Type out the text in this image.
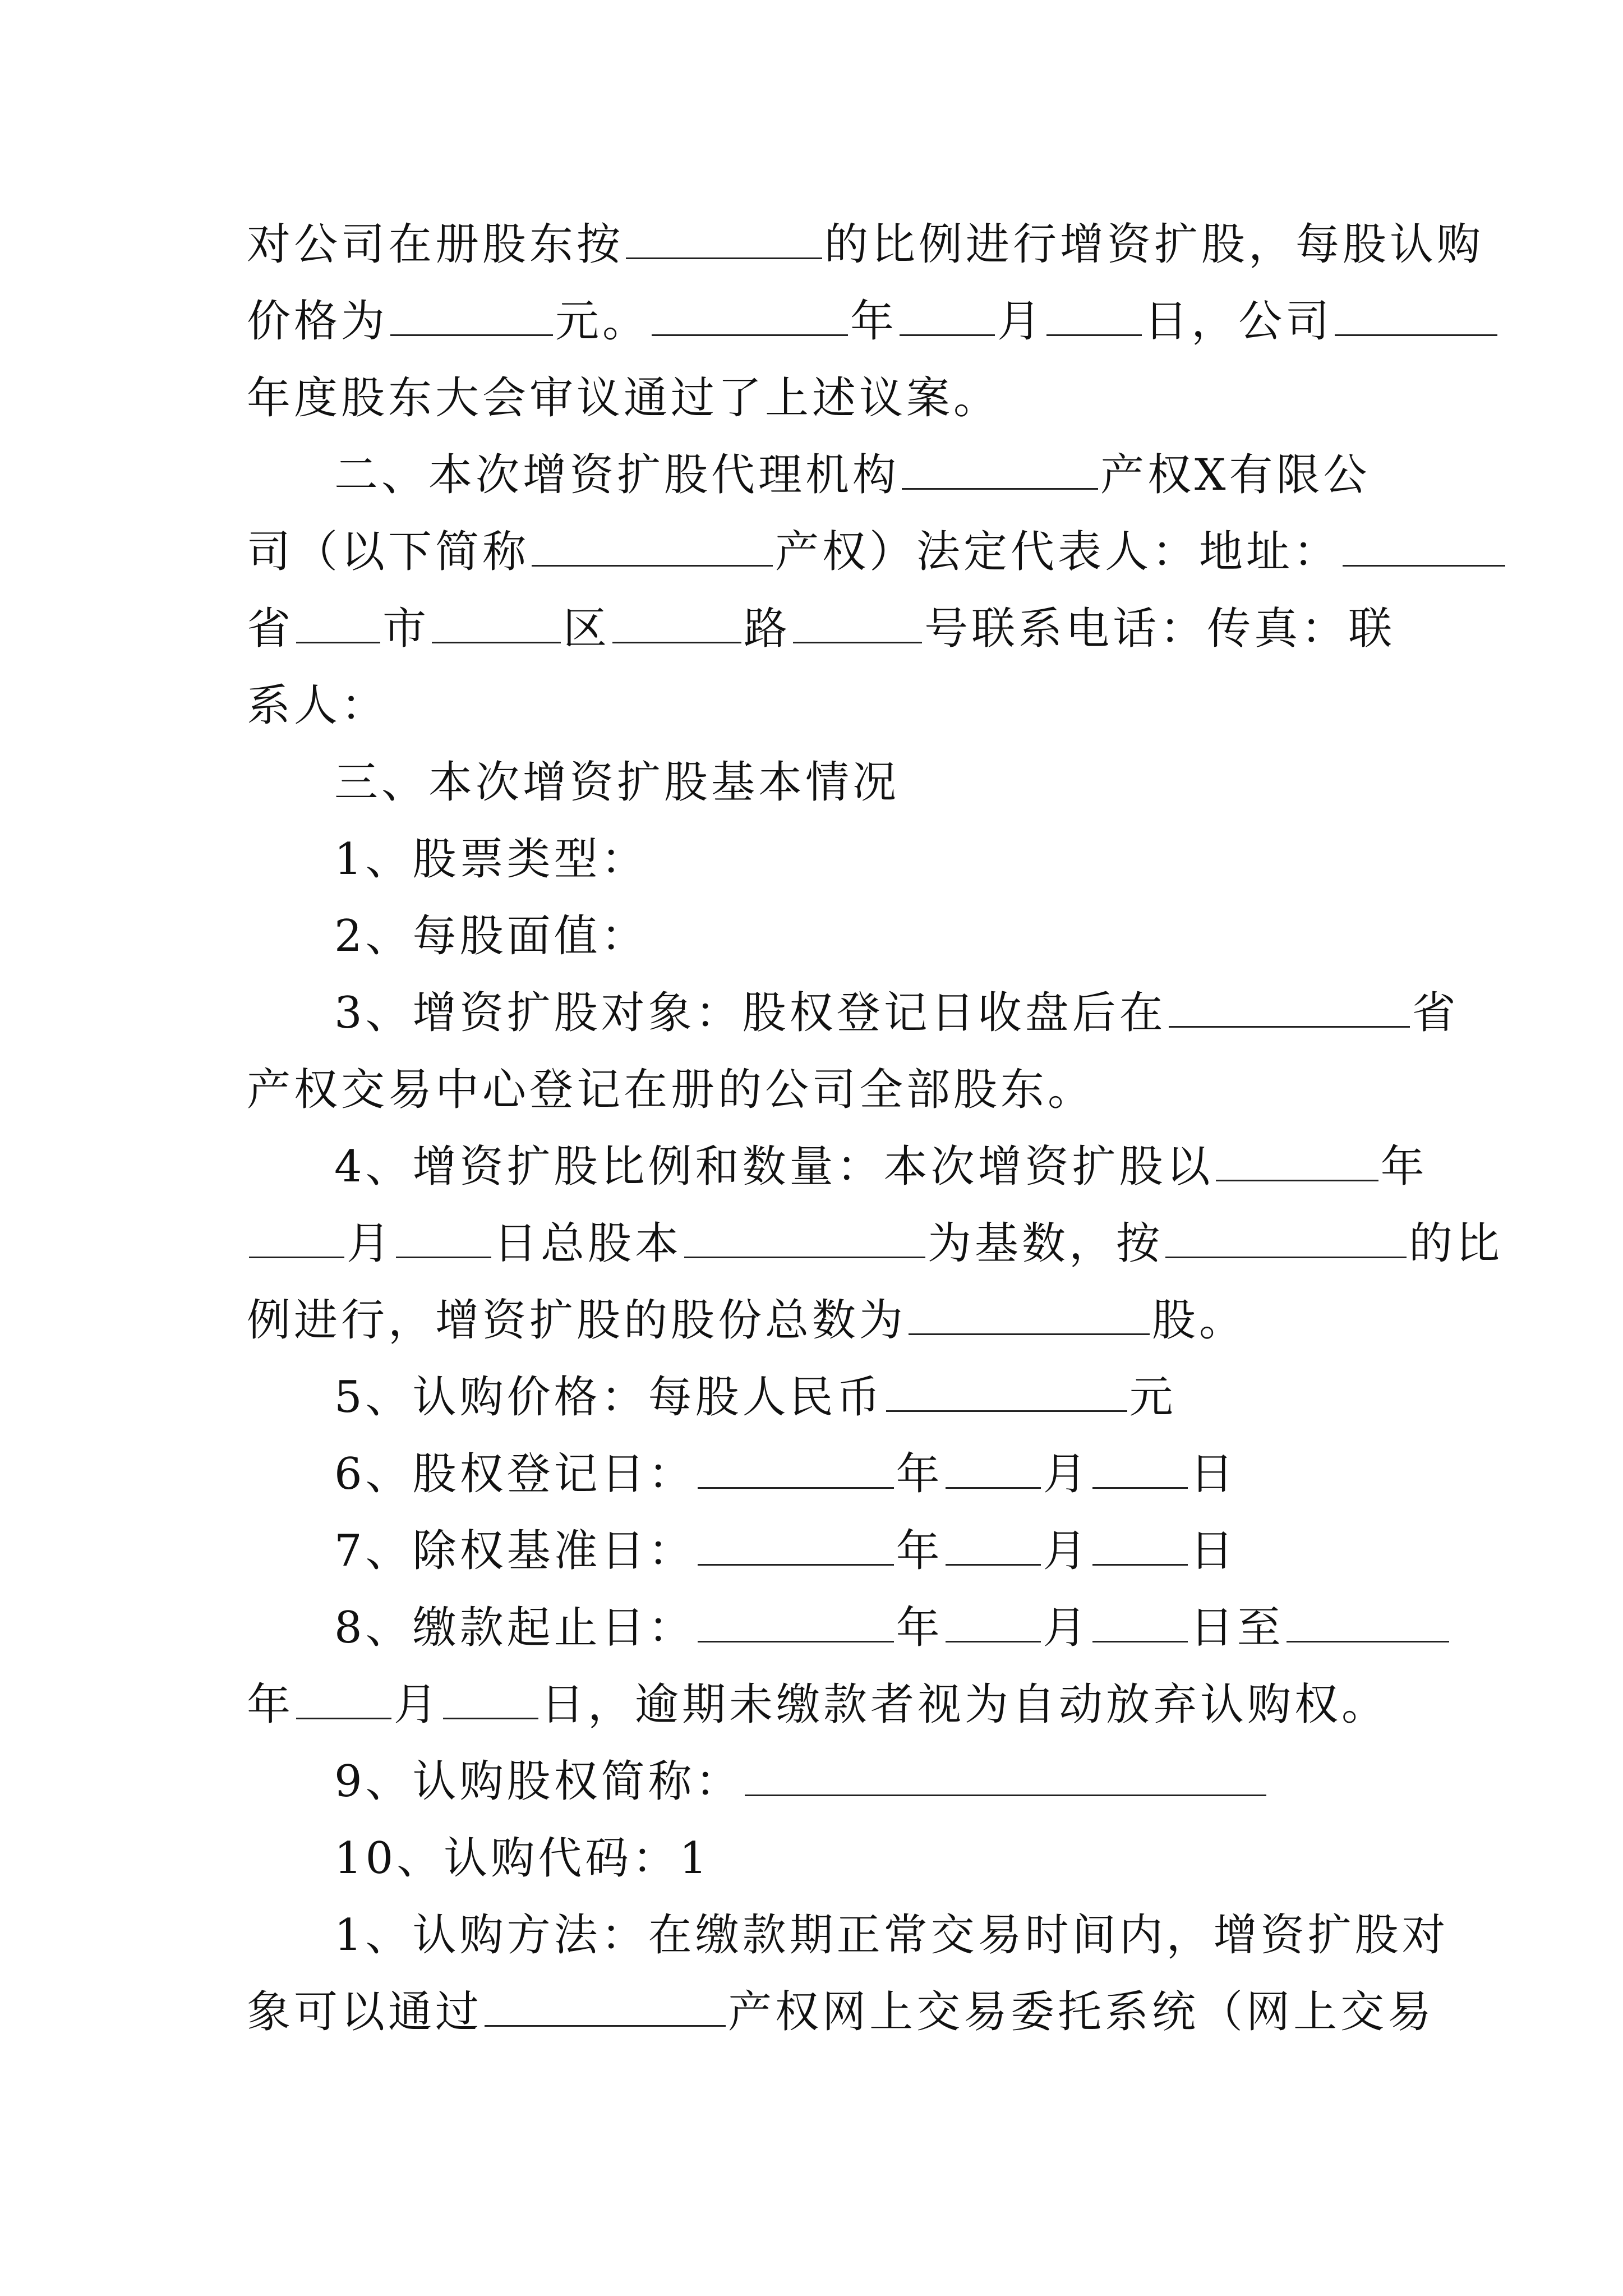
对公司在册股东按	的比例进行增资扩股，每股认购
价格为	元。	年 月 日，公司
年度股东大会审议通过了上述议案。
二、本次增资扩股代理机构	产权X有限公
司（以下简称	产权）法定代表人：地址：
省 市	区	路	号联系电话：传真：联
系人：
三、本次增资扩股基本情况
1、股票类型：
2、每股面值：
3、增资扩股对象：股权登记日收盘后在	省
产权交易中心登记在册的公司全部股东。
4、增资扩股比例和数量：本次增资扩股以	年
月 日总股本	为基数，按	的比
例进行，增资扩股的股份总数为	股。
5、认购价格：每股人民币	元
6、股权登记日：	年 月 日
7、除权基准日：	年 月 日
8、缴款起止日：	年 月 日至
年 月 日，逾期未缴款者视为自动放弃认购权。
9、认购股权简称：
10、认购代码：1
1、认购方法：在缴款期正常交易时间内，增资扩股对
象可以通过	产权网上交易委托系统（网上交易
